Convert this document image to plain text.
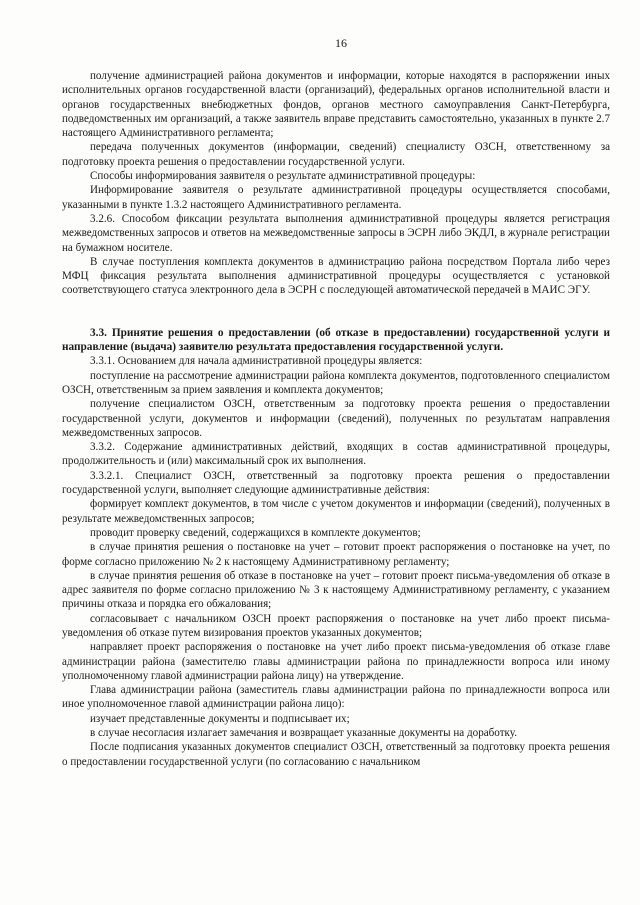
16

получение администрацией района документов и информации, которые находятся в распоряжении иных исполнительных органов государственной власти (организаций), федеральных органов исполнительной власти и органов государственных внебюджетных фондов, органов местного самоуправления Санкт-Петербурга, подведомственных им организаций, а также заявитель вправе представить самостоятельно, указанных в пункте 2.7 настоящего Административного регламента;

передача полученных документов (информации, сведений) специалисту ОЗСН, ответственному за подготовку проекта решения о предоставлении государственной услуги.

Способы информирования заявителя о результате административной процедуры:

Информирование заявителя о результате административной процедуры осуществляется способами, указанными в пункте 1.3.2 настоящего Административного регламента.

3.2.6. Способом фиксации результата выполнения административной процедуры является регистрация межведомственных запросов и ответов на межведомственные запросы в ЭСРН либо ЭКДЛ, в журнале регистрации на бумажном носителе.

В случае поступления комплекта документов в администрацию района посредством Портала либо через МФЦ фиксация результата выполнения административной процедуры осуществляется с установкой соответствующего статуса электронного дела в ЭСРН с последующей автоматической передачей в МАИС ЭГУ.

3.3. Принятие решения о предоставлении (об отказе в предоставлении) государственной услуги и направление (выдача) заявителю результата предоставления государственной услуги.

3.3.1. Основанием для начала административной процедуры является:

поступление на рассмотрение администрации района комплекта документов, подготовленного специалистом ОЗСН, ответственным за прием заявления и комплекта документов;

получение специалистом ОЗСН, ответственным за подготовку проекта решения о предоставлении государственной услуги, документов и информации (сведений), полученных по результатам направления межведомственных запросов.

3.3.2. Содержание административных действий, входящих в состав административной процедуры, продолжительность и (или) максимальный срок их выполнения.

3.3.2.1. Специалист ОЗСН, ответственный за подготовку проекта решения о предоставлении государственной услуги, выполняет следующие административные действия:

формирует комплект документов, в том числе с учетом документов и информации (сведений), полученных в результате межведомственных запросов;

проводит проверку сведений, содержащихся в комплекте документов;

в случае принятия решения о постановке на учет – готовит проект распоряжения о постановке на учет, по форме согласно приложению № 2 к настоящему Административному регламенту;

в случае принятия решения об отказе в постановке на учет – готовит проект письма-уведомления об отказе в адрес заявителя по форме согласно приложению № 3 к настоящему Административному регламенту, с указанием причины отказа и порядка его обжалования;

согласовывает с начальником ОЗСН проект распоряжения о постановке на учет либо проект письма-уведомления об отказе путем визирования проектов указанных документов;

направляет проект распоряжения о постановке на учет либо проект письма-уведомления об отказе главе администрации района (заместителю главы администрации района по принадлежности вопроса или иному уполномоченному главой администрации района лицу) на утверждение.

Глава администрации района (заместитель главы администрации района по принадлежности вопроса или иное уполномоченное главой администрации района лицо):

изучает представленные документы и подписывает их;

в случае несогласия излагает замечания и возвращает указанные документы на доработку.

После подписания указанных документов специалист ОЗСН, ответственный за подготовку проекта решения о предоставлении государственной услуги (по согласованию с начальником
